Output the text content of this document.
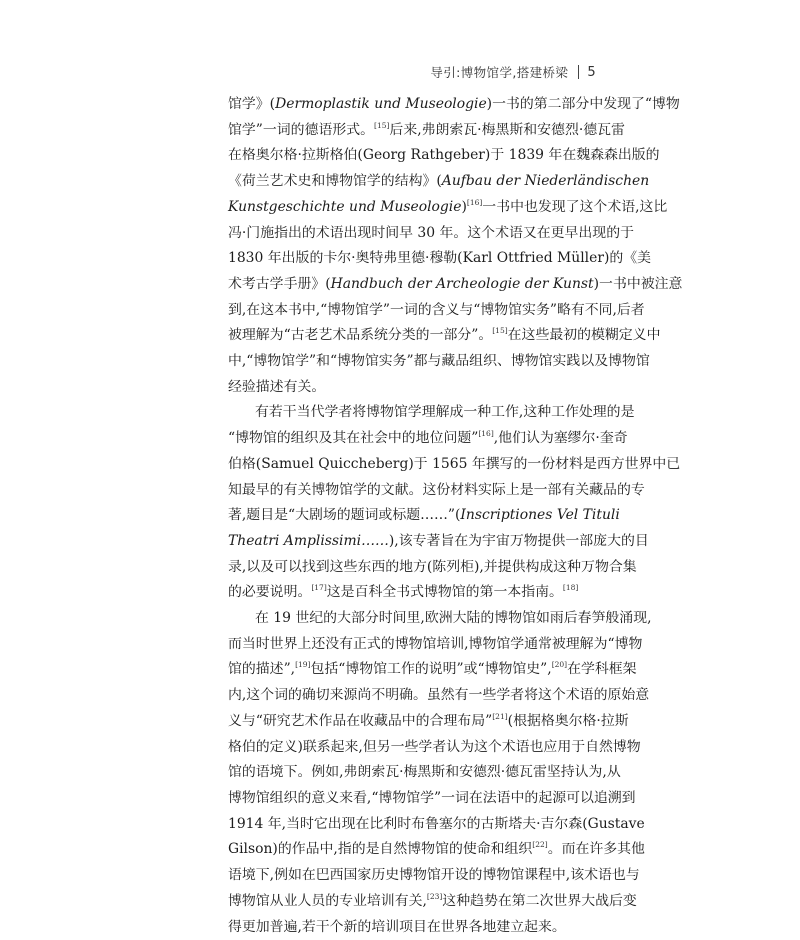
导引:博物馆学,搭建桥梁 5
馆学》(Dermoplastik und Museologie)一书的第二部分中发现了“博物
馆学”一词的德语形式。[15]后来,弗朗索瓦·梅黑斯和安德烈·德瓦雷
在格奥尔格·拉斯格伯(Georg Rathgeber)于 1839 年在魏森森出版的
《荷兰艺术史和博物馆学的结构》(Aufbau der Niederländischen
Kunstgeschichte und Museologie)[16]一书中也发现了这个术语,这比
冯·门施指出的术语出现时间早 30 年。这个术语又在更早出现的于
1830 年出版的卡尔·奥特弗里德·穆勒(Karl Ottfried Müller)的《美
术考古学手册》(Handbuch der Archeologie der Kunst)一书中被注意
到,在这本书中,“博物馆学”一词的含义与“博物馆实务”略有不同,后者
被理解为“古老艺术品系统分类的一部分”。[15]在这些最初的模糊定义中
中,“博物馆学”和“博物馆实务”都与藏品组织、博物馆实践以及博物馆
经验描述有关。
有若干当代学者将博物馆学理解成一种工作,这种工作处理的是
“博物馆的组织及其在社会中的地位问题”[16],他们认为塞缪尔·奎奇
伯格(Samuel Quiccheberg)于 1565 年撰写的一份材料是西方世界中已
知最早的有关博物馆学的文献。这份材料实际上是一部有关藏品的专
著,题目是“大剧场的题词或标题……”(Inscriptiones Vel Tituli
Theatri Amplissimi……),该专著旨在为宇宙万物提供一部庞大的目
录,以及可以找到这些东西的地方(陈列柜),并提供构成这种万物合集
的必要说明。[17]这是百科全书式博物馆的第一本指南。[18]
在 19 世纪的大部分时间里,欧洲大陆的博物馆如雨后春笋般涌现,
而当时世界上还没有正式的博物馆培训,博物馆学通常被理解为“博物
馆的描述”,[19]包括“博物馆工作的说明”或“博物馆史”,[20]在学科框架
内,这个词的确切来源尚不明确。虽然有一些学者将这个术语的原始意
义与“研究艺术作品在收藏品中的合理布局”[21](根据格奥尔格·拉斯
格伯的定义)联系起来,但另一些学者认为这个术语也应用于自然博物
馆的语境下。例如,弗朗索瓦·梅黑斯和安德烈·德瓦雷坚持认为,从
博物馆组织的意义来看,“博物馆学”一词在法语中的起源可以追溯到
1914 年,当时它出现在比利时布鲁塞尔的古斯塔夫·吉尔森(Gustave
Gilson)的作品中,指的是自然博物馆的使命和组织[22]。而在许多其他
语境下,例如在巴西国家历史博物馆开设的博物馆课程中,该术语也与
博物馆从业人员的专业培训有关,[23]这种趋势在第二次世界大战后变
得更加普遍,若干个新的培训项目在世界各地建立起来。
